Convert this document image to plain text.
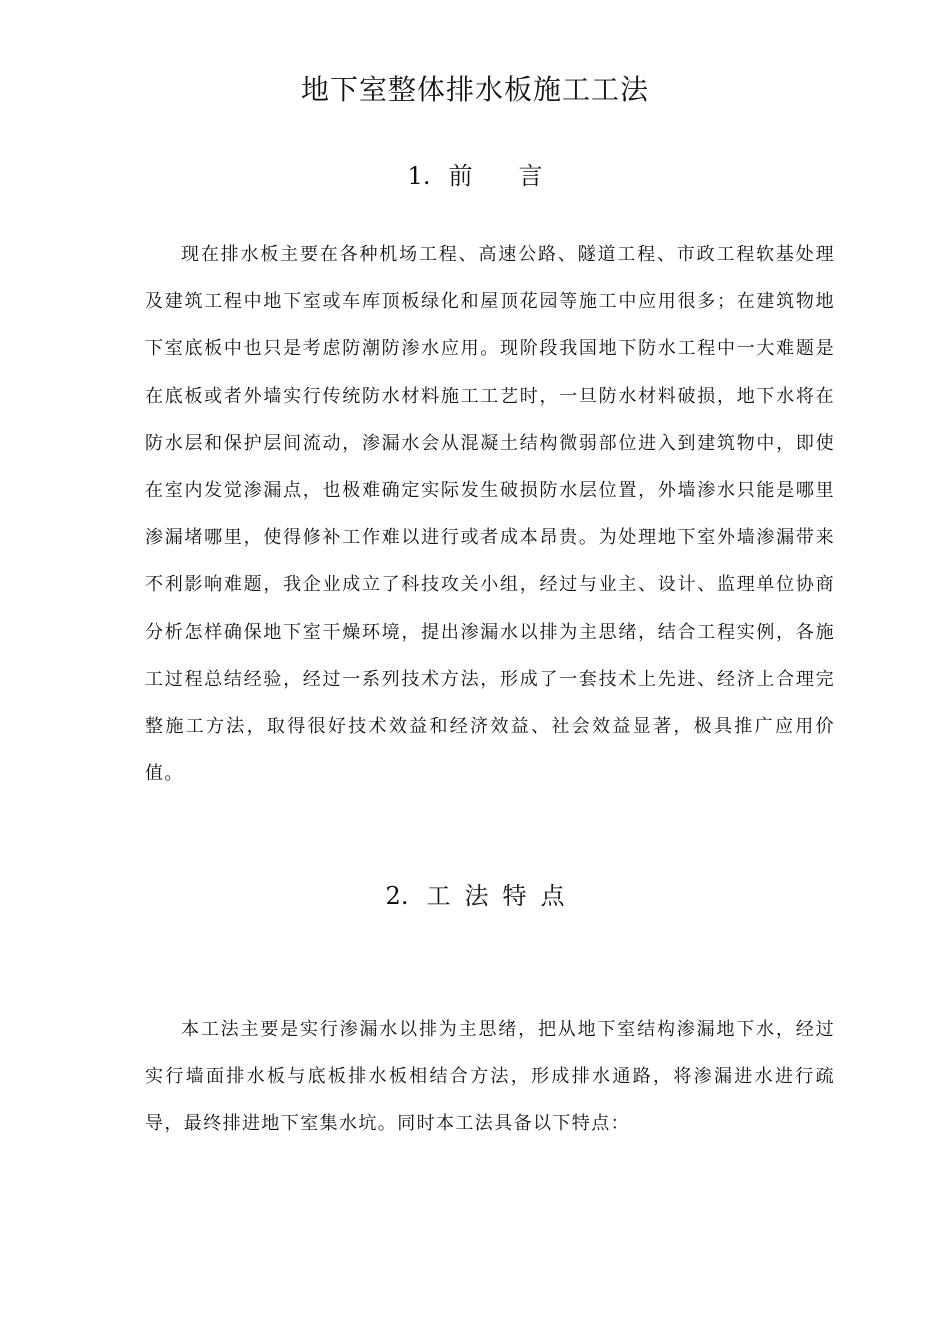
地下室整体排水板施工工法
1. 前言
现在排水板主要在各种机场工程、高速公路、隧道工程、市政工程软基处理及建筑工程中地下室或车库顶板绿化和屋顶花园等施工中应用很多；在建筑物地下室底板中也只是考虑防潮防渗水应用。现阶段我国地下防水工程中一大难题是在底板或者外墙实行传统防水材料施工工艺时，一旦防水材料破损，地下水将在防水层和保护层间流动，渗漏水会从混凝土结构微弱部位进入到建筑物中，即使在室内发觉渗漏点，也极难确定实际发生破损防水层位置，外墙渗水只能是哪里渗漏堵哪里，使得修补工作难以进行或者成本昂贵。为处理地下室外墙渗漏带来不利影响难题，我企业成立了科技攻关小组，经过与业主、设计、监理单位协商分析怎样确保地下室干燥环境，提出渗漏水以排为主思绪，结合工程实例，各施工过程总结经验，经过一系列技术方法，形成了一套技术上先进、经济上合理完整施工方法，取得很好技术效益和经济效益、社会效益显著，极具推广应用价值。
2. 工法特点
本工法主要是实行渗漏水以排为主思绪，把从地下室结构渗漏地下水，经过实行墙面排水板与底板排水板相结合方法，形成排水通路，将渗漏进水进行疏导，最终排进地下室集水坑。同时本工法具备以下特点：
